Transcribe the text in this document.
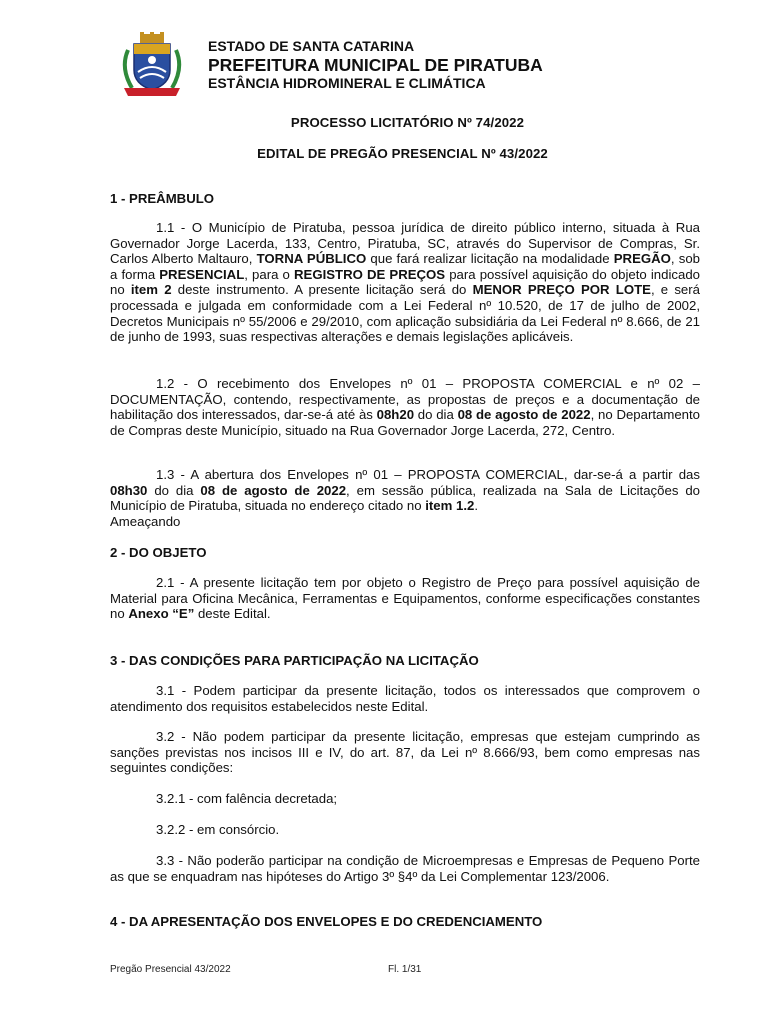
ESTADO DE SANTA CATARINA
PREFEITURA MUNICIPAL DE PIRATUBA
ESTÂNCIA HIDROMINERAL E CLIMÁTICA
PROCESSO LICITATÓRIO Nº 74/2022
EDITAL DE PREGÃO PRESENCIAL Nº 43/2022

1 - PREÂMBULO

1.1 - O Município de Piratuba, pessoa jurídica de direito público interno, situada à Rua Governador Jorge Lacerda, 133, Centro, Piratuba, SC, através do Supervisor de Compras, Sr. Carlos Alberto Maltauro, TORNA PÚBLICO que fará realizar licitação na modalidade PREGÃO, sob a forma PRESENCIAL, para o REGISTRO DE PREÇOS para possível aquisição do objeto indicado no item 2 deste instrumento. A presente licitação será do MENOR PREÇO POR LOTE, e será processada e julgada em conformidade com a Lei Federal nº 10.520, de 17 de julho de 2002, Decretos Municipais nº 55/2006 e 29/2010, com aplicação subsidiária da Lei Federal nº 8.666, de 21 de junho de 1993, suas respectivas alterações e demais legislações aplicáveis.

1.2 - O recebimento dos Envelopes nº 01 – PROPOSTA COMERCIAL e nº 02 – DOCUMENTAÇÃO, contendo, respectivamente, as propostas de preços e a documentação de habilitação dos interessados, dar-se-á até às 08h20 do dia 08 de agosto de 2022, no Departamento de Compras deste Município, situado na Rua Governador Jorge Lacerda, 272, Centro.

1.3 - A abertura dos Envelopes nº 01 – PROPOSTA COMERCIAL, dar-se-á a partir das 08h30 do dia 08 de agosto de 2022, em sessão pública, realizada na Sala de Licitações do Município de Piratuba, situada no endereço citado no item 1.2.

Ameaçando

2 - DO OBJETO

2.1 - A presente licitação tem por objeto o Registro de Preço para possível aquisição de Material para Oficina Mecânica, Ferramentas e Equipamentos, conforme especificações constantes no Anexo “E” deste Edital.

3 - DAS CONDIÇÕES PARA PARTICIPAÇÃO NA LICITAÇÃO

3.1 - Podem participar da presente licitação, todos os interessados que comprovem o atendimento dos requisitos estabelecidos neste Edital.

3.2 - Não podem participar da presente licitação, empresas que estejam cumprindo as sanções previstas nos incisos III e IV, do art. 87, da Lei nº 8.666/93, bem como empresas nas seguintes condições:

3.2.1 - com falência decretada;

3.2.2 - em consórcio.

3.3 - Não poderão participar na condição de Microempresas e Empresas de Pequeno Porte as que se enquadram nas hipóteses do Artigo 3º §4º da Lei Complementar 123/2006.

4 - DA APRESENTAÇÃO DOS ENVELOPES E DO CREDENCIAMENTO

Pregão Presencial 43/2022	Fl. 1/31
